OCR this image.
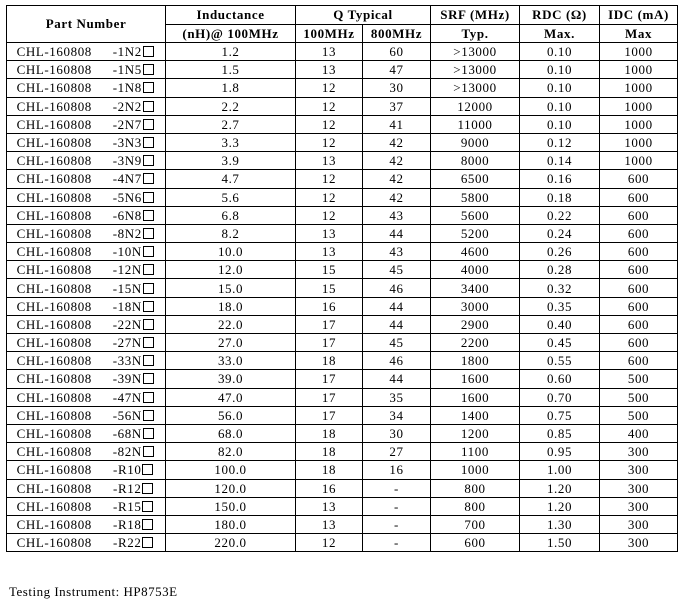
Part Number		Inductance	Q Typical		SRF (MHz)	RDC (Ω)	IDC (mA)
		(nH)@ 100MHz	100MHz	800MHz	Typ.	Max.	Max
CHL-160808	-1N2	1.2	13	60	>13000	0.10	1000
CHL-160808	-1N5	1.5	13	47	>13000	0.10	1000
CHL-160808	-1N8	1.8	12	30	>13000	0.10	1000
CHL-160808	-2N2	2.2	12	37	12000	0.10	1000
CHL-160808	-2N7	2.7	12	41	11000	0.10	1000
CHL-160808	-3N3	3.3	12	42	9000	0.12	1000
CHL-160808	-3N9	3.9	13	42	8000	0.14	1000
CHL-160808	-4N7	4.7	12	42	6500	0.16	600
CHL-160808	-5N6	5.6	12	42	5800	0.18	600
CHL-160808	-6N8	6.8	12	43	5600	0.22	600
CHL-160808	-8N2	8.2	13	44	5200	0.24	600
CHL-160808	-10N	10.0	13	43	4600	0.26	600
CHL-160808	-12N	12.0	15	45	4000	0.28	600
CHL-160808	-15N	15.0	15	46	3400	0.32	600
CHL-160808	-18N	18.0	16	44	3000	0.35	600
CHL-160808	-22N	22.0	17	44	2900	0.40	600
CHL-160808	-27N	27.0	17	45	2200	0.45	600
CHL-160808	-33N	33.0	18	46	1800	0.55	600
CHL-160808	-39N	39.0	17	44	1600	0.60	500
CHL-160808	-47N	47.0	17	35	1600	0.70	500
CHL-160808	-56N	56.0	17	34	1400	0.75	500
CHL-160808	-68N	68.0	18	30	1200	0.85	400
CHL-160808	-82N	82.0	18	27	1100	0.95	300
CHL-160808	-R10	100.0	18	16	1000	1.00	300
CHL-160808	-R12	120.0	16	-	800	1.20	300
CHL-160808	-R15	150.0	13	-	800	1.20	300
CHL-160808	-R18	180.0	13	-	700	1.30	300
CHL-160808	-R22	220.0	12	-	600	1.50	300
Testing Instrument: HP8753E
